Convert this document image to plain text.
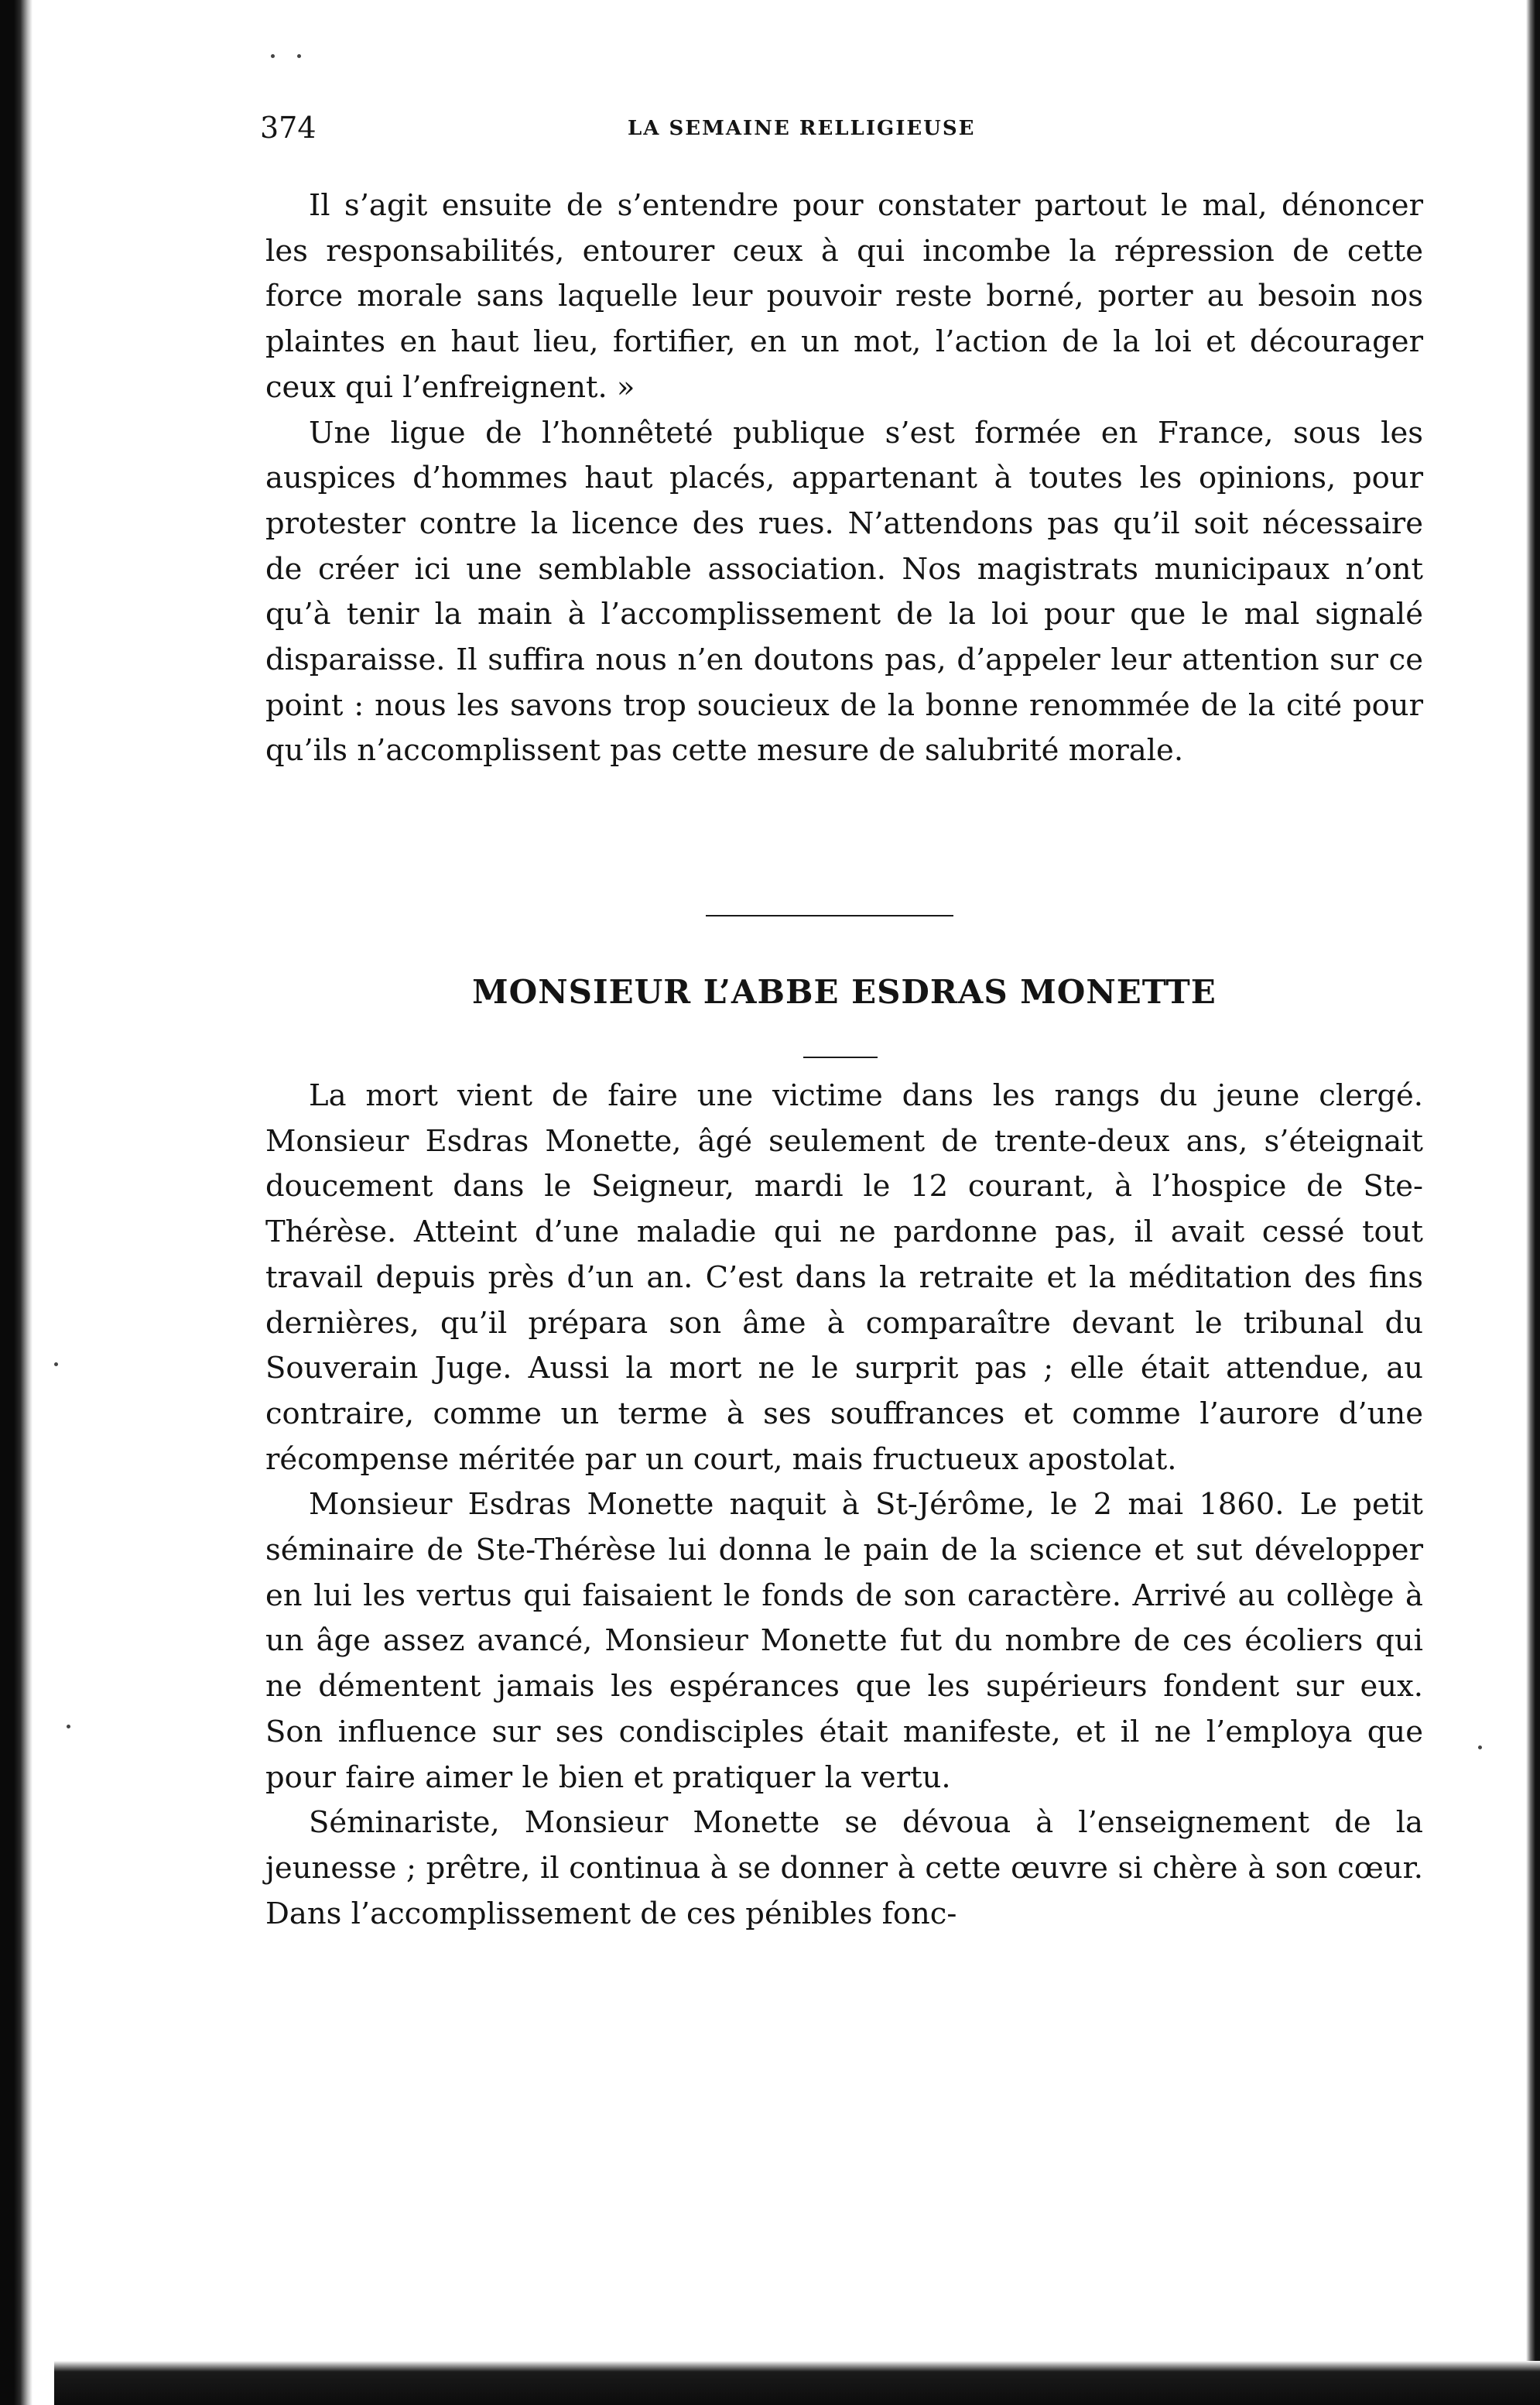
374	LA SEMAINE RELLIGIEUSE

Il s’agit ensuite de s’entendre pour constater partout le mal, dénoncer les responsabilités, entourer ceux à qui incombe la répression de cette force morale sans laquelle leur pouvoir reste borné, porter au besoin nos plaintes en haut lieu, fortifier, en un mot, l’action de la loi et décourager ceux qui l’enfreignent. »

Une ligue de l’honnêteté publique s’est formée en France, sous les auspices d’hommes haut placés, appartenant à toutes les opinions, pour protester contre la licence des rues. N’attendons pas qu’il soit nécessaire de créer ici une semblable association. Nos magistrats municipaux n’ont qu’à tenir la main à l’accomplissement de la loi pour que le mal signalé disparaisse. Il suffira nous n’en doutons pas, d’appeler leur attention sur ce point : nous les savons trop soucieux de la bonne renommée de la cité pour qu’ils n’accomplissent pas cette mesure de salubrité morale.

MONSIEUR L’ABBE ESDRAS MONETTE

La mort vient de faire une victime dans les rangs du jeune clergé. Monsieur Esdras Monette, âgé seulement de trente-deux ans, s’éteignait doucement dans le Seigneur, mardi le 12 courant, à l’hospice de Ste-Thérèse. Atteint d’une maladie qui ne pardonne pas, il avait cessé tout travail depuis près d’un an. C’est dans la retraite et la méditation des fins dernières, qu’il prépara son âme à comparaître devant le tribunal du Souverain Juge. Aussi la mort ne le surprit pas ; elle était attendue, au contraire, comme un terme à ses souffrances et comme l’aurore d’une récompense méritée par un court, mais fructueux apostolat.

Monsieur Esdras Monette naquit à St-Jérôme, le 2 mai 1860. Le petit séminaire de Ste-Thérèse lui donna le pain de la science et sut développer en lui les vertus qui faisaient le fonds de son caractère. Arrivé au collège à un âge assez avancé, Monsieur Monette fut du nombre de ces écoliers qui ne démentent jamais les espérances que les supérieurs fondent sur eux. Son influence sur ses condisciples était manifeste, et il ne l’employa que pour faire aimer le bien et pratiquer la vertu.

Séminariste, Monsieur Monette se dévoua à l’enseignement de la jeunesse ; prêtre, il continua à se donner à cette œuvre si chère à son cœur. Dans l’accomplissement de ces pénibles fonc-
